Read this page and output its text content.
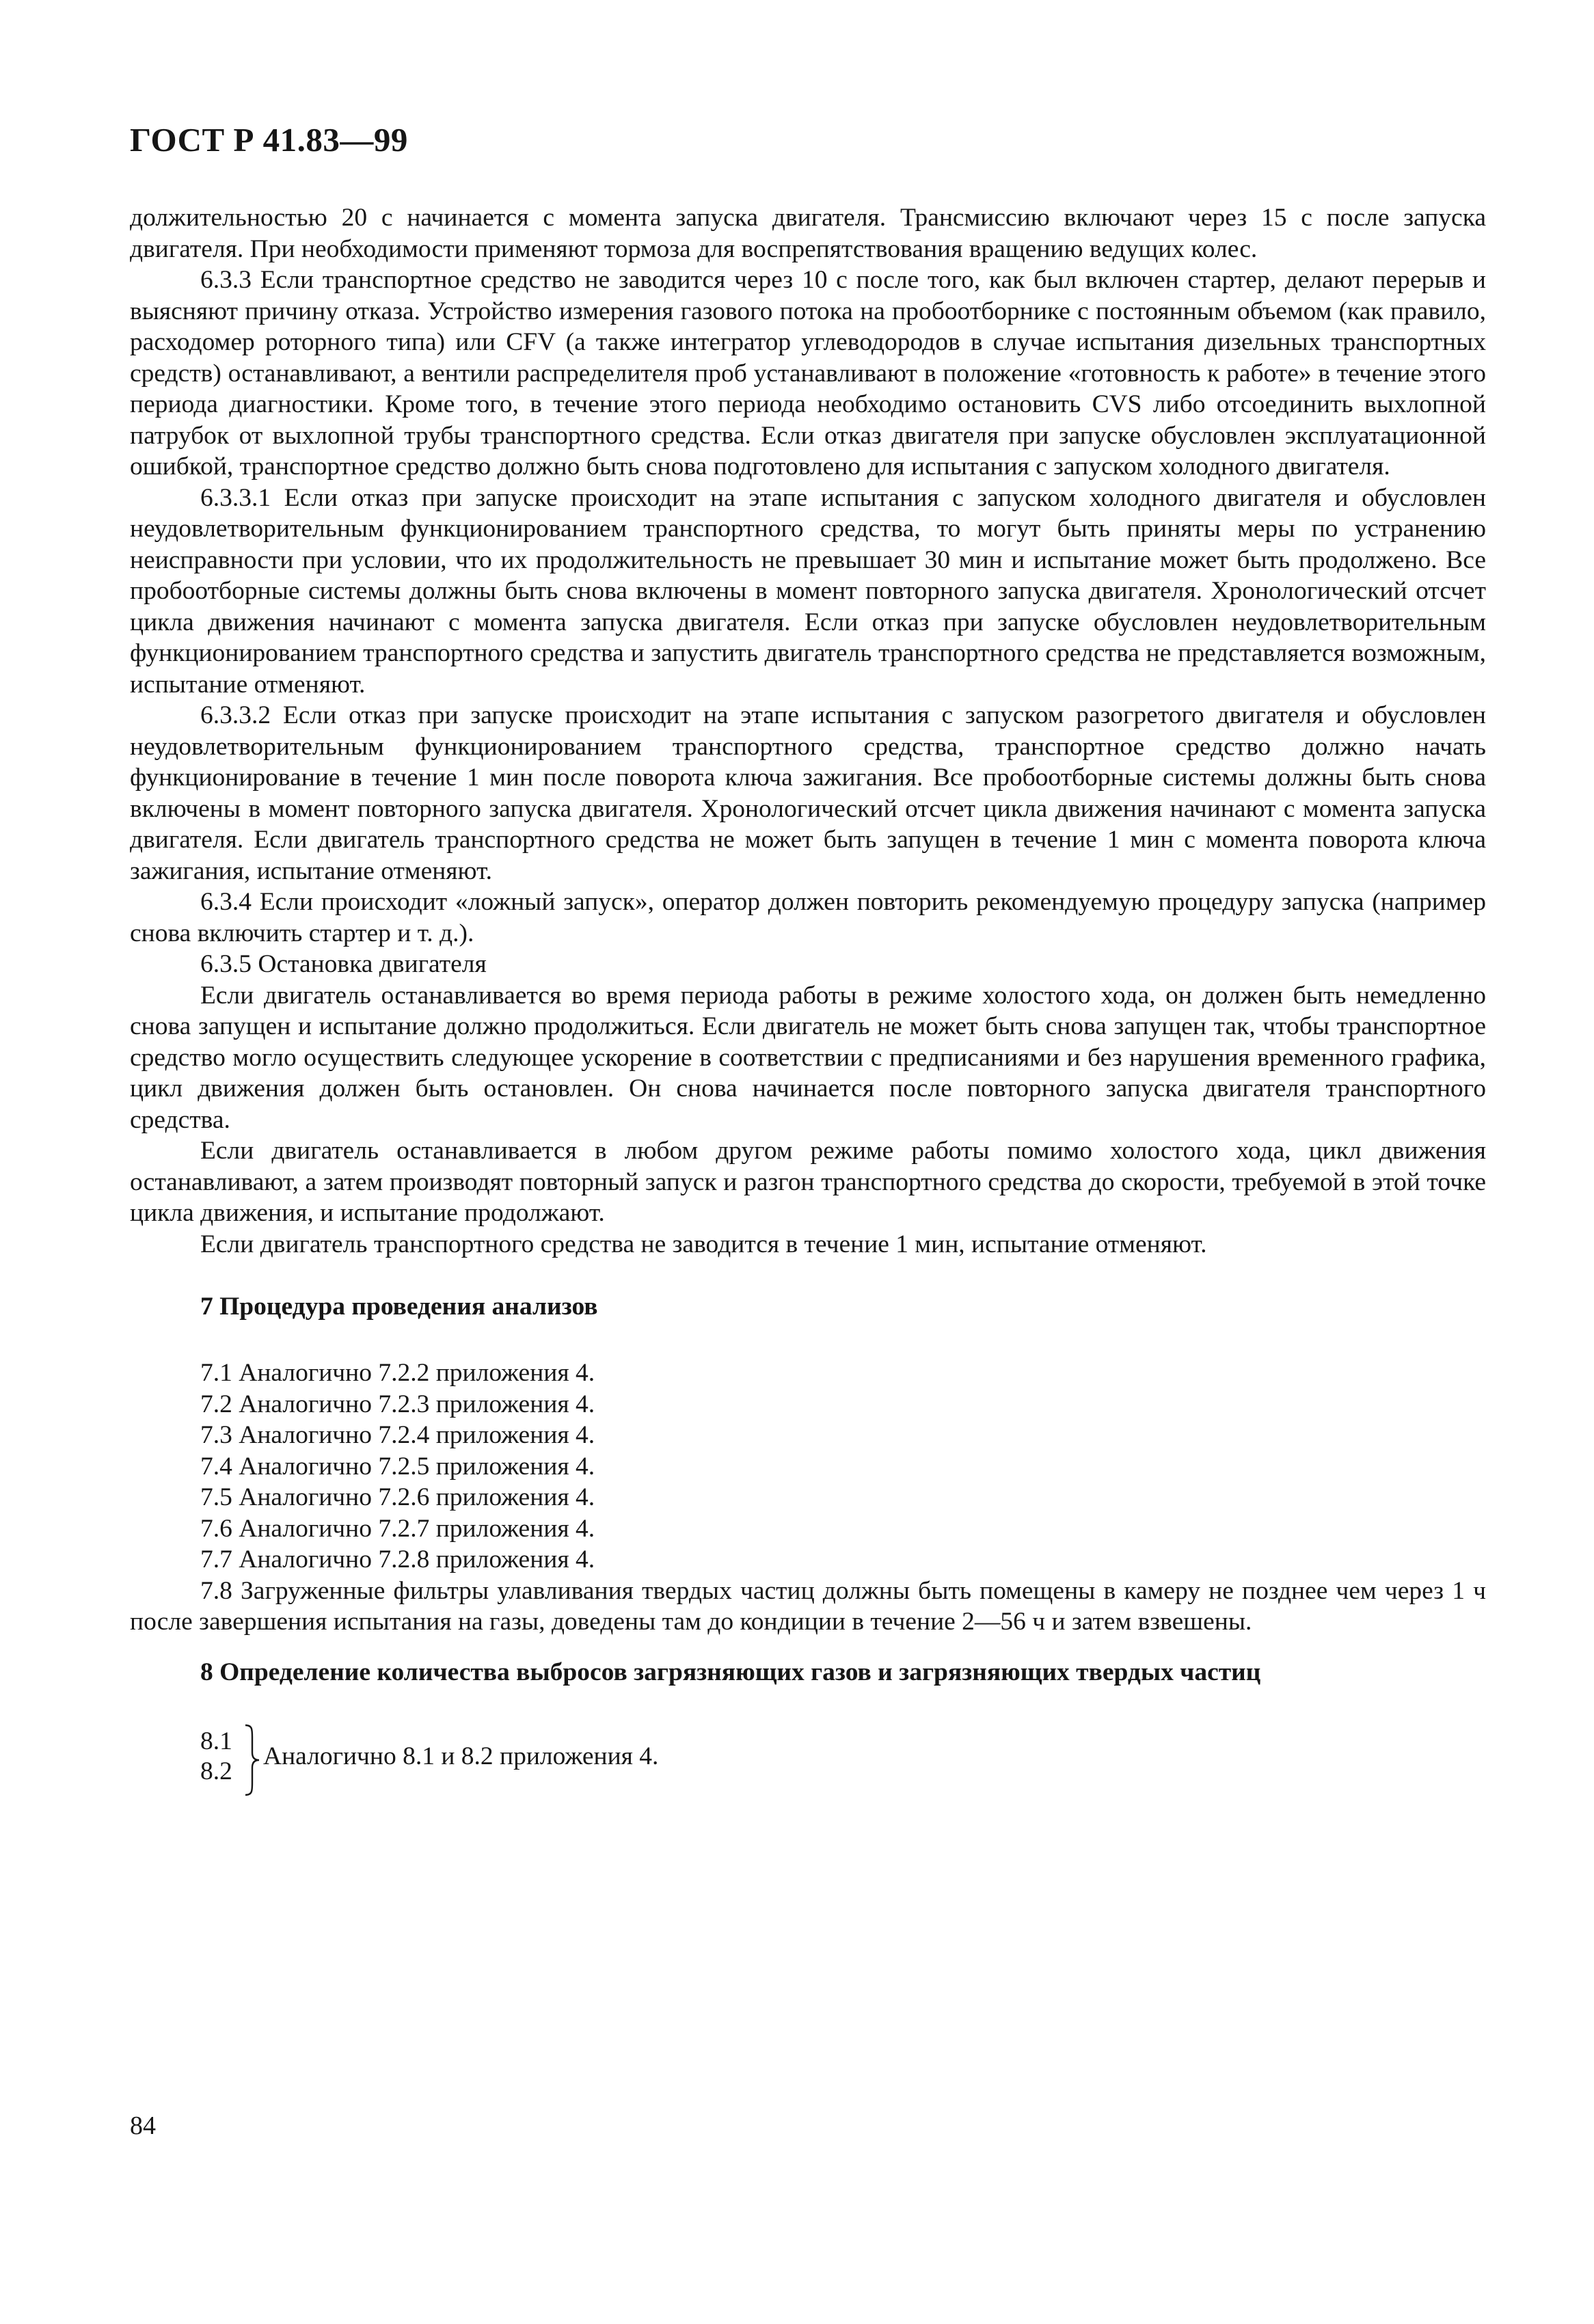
ГОСТ Р 41.83—99

должительностью 20 с начинается с момента запуска двигателя. Трансмиссию включают через 15 с после запуска двигателя. При необходимости применяют тормоза для воспрепятствования вращению ведущих колес.

6.3.3 Если транспортное средство не заводится через 10 с после того, как был включен стартер, делают перерыв и выясняют причину отказа. Устройство измерения газового потока на пробоотборнике с постоянным объемом (как правило, расходомер роторного типа) или CFV (а также интегратор углеводородов в случае испытания дизельных транспортных средств) останавливают, а вентили распределителя проб устанавливают в положение «готовность к работе» в течение этого периода диагностики. Кроме того, в течение этого периода необходимо остановить CVS либо отсоединить выхлопной патрубок от выхлопной трубы транспортного средства. Если отказ двигателя при запуске обусловлен эксплуатационной ошибкой, транспортное средство должно быть снова подготовлено для испытания с запуском холодного двигателя.

6.3.3.1 Если отказ при запуске происходит на этапе испытания с запуском холодного двигателя и обусловлен неудовлетворительным функционированием транспортного средства, то могут быть приняты меры по устранению неисправности при условии, что их продолжительность не превышает 30 мин и испытание может быть продолжено. Все пробоотборные системы должны быть снова включены в момент повторного запуска двигателя. Хронологический отсчет цикла движения начинают с момента запуска двигателя. Если отказ при запуске обусловлен неудовлетворительным функционированием транспортного средства и запустить двигатель транспортного средства не представляется возможным, испытание отменяют.

6.3.3.2 Если отказ при запуске происходит на этапе испытания с запуском разогретого двигателя и обусловлен неудовлетворительным функционированием транспортного средства, транспортное средство должно начать функционирование в течение 1 мин после поворота ключа зажигания. Все пробоотборные системы должны быть снова включены в момент повторного запуска двигателя. Хронологический отсчет цикла движения начинают с момента запуска двигателя. Если двигатель транспортного средства не может быть запущен в течение 1 мин с момента поворота ключа зажигания, испытание отменяют.

6.3.4 Если происходит «ложный запуск», оператор должен повторить рекомендуемую процедуру запуска (например снова включить стартер и т. д.).

6.3.5 Остановка двигателя

Если двигатель останавливается во время периода работы в режиме холостого хода, он должен быть немедленно снова запущен и испытание должно продолжиться. Если двигатель не может быть снова запущен так, чтобы транспортное средство могло осуществить следующее ускорение в соответствии с предписаниями и без нарушения временного графика, цикл движения должен быть остановлен. Он снова начинается после повторного запуска двигателя транспортного средства.

Если двигатель останавливается в любом другом режиме работы помимо холостого хода, цикл движения останавливают, а затем производят повторный запуск и разгон транспортного средства до скорости, требуемой в этой точке цикла движения, и испытание продолжают.

Если двигатель транспортного средства не заводится в течение 1 мин, испытание отменяют.

7 Процедура проведения анализов
7.1 Аналогично 7.2.2 приложения 4.
7.2 Аналогично 7.2.3 приложения 4.
7.3 Аналогично 7.2.4 приложения 4.
7.4 Аналогично 7.2.5 приложения 4.
7.5 Аналогично 7.2.6 приложения 4.
7.6 Аналогично 7.2.7 приложения 4.
7.7 Аналогично 7.2.8 приложения 4.

7.8 Загруженные фильтры улавливания твердых частиц должны быть помещены в камеру не позднее чем через 1 ч после завершения испытания на газы, доведены там до кондиции в течение 2—56 ч и затем взвешены.

8 Определение количества выбросов загрязняющих газов и загрязняющих твердых частиц
8.1
8.2
Аналогично 8.1 и 8.2 приложения 4.
84
